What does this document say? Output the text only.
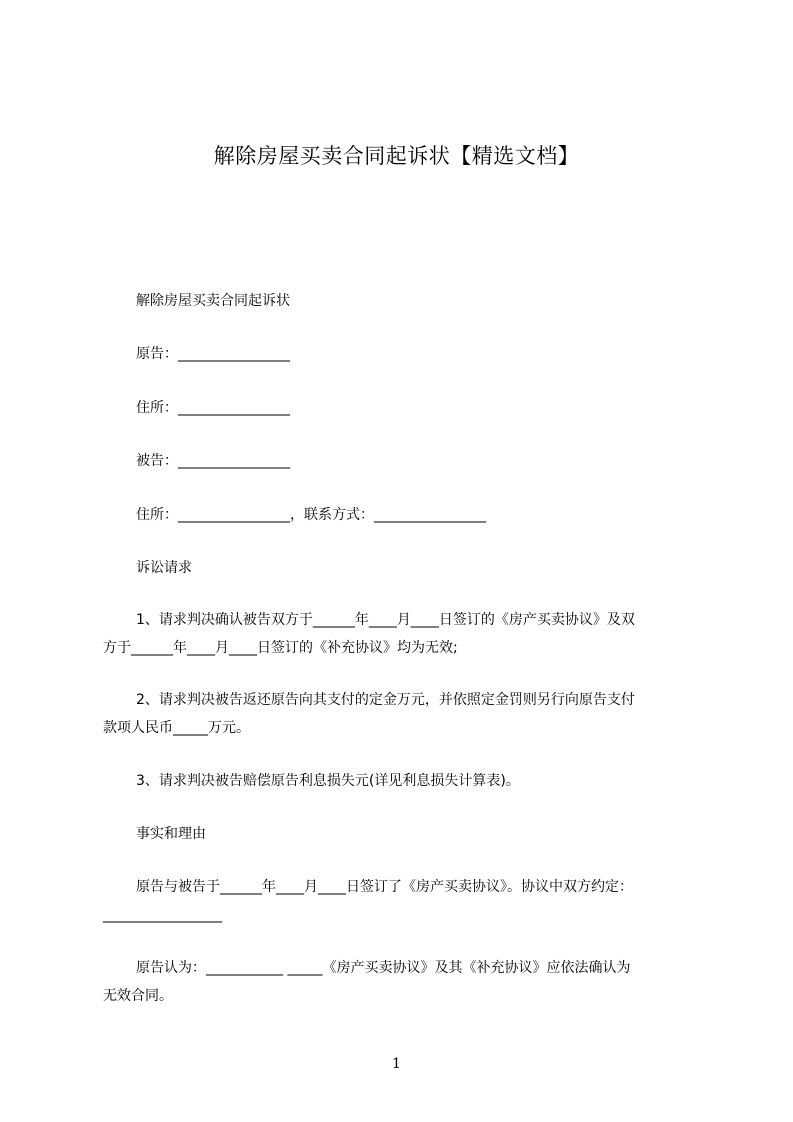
解除房屋买卖合同起诉状【精选文档】
解除房屋买卖合同起诉状
原告：________________
住所：________________
被告：________________
住所：________________，联系方式：________________
诉讼请求
1、请求判决确认被告双方于______年____月____日签订的《房产买卖协议》及双
方于______年____月____日签订的《补充协议》均为无效;
2、请求判决被告返还原告向其支付的定金万元，并依照定金罚则另行向原告支付
款项人民币_____万元。
3、请求判决被告赔偿原告利息损失元(详见利息损失计算表)。
事实和理由
原告与被告于______年____月____日签订了《房产买卖协议》。协议中双方约定：
_________________
原告认为：___________ _____《房产买卖协议》及其《补充协议》应依法确认为
无效合同。
1
